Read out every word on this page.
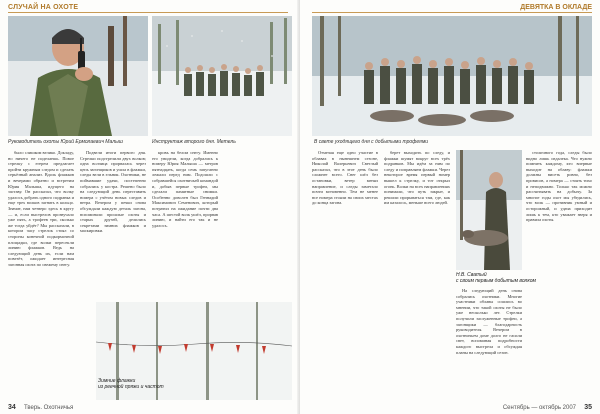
СЛУЧАЙ НА ОХОТЕ
Руководитель охоты Юрий Ермолаевич Малыш	Инструктаж второго дня. Метель

было слишком велико. Докладу, но ничего не поделаешь. Повое стрелку с егерем предлагает пройти кружным следом и сделать серьёзный анализ. Вдоль флажков и вечерами обратно и встретим Юрия Малыша, идущего на заставу. Он рассказал, что волку удалось добрать одного подранка и еще трех волков загнать в кольцо. Значит, нам четверо здесь в кругу — и, если выстрелов прозвучало уже пять, а трофеев три, сколько же тогда уйдёт? Мы рассказали, в котором часу стрелок стоял со стороны конечной подкормочной площадки, где волки пересекли линию флажков. Ведь на следующий день их, если нам повезёт, ожидает интересная загонная охота по свежему снегу.

Подвели итоги первого дня. Стрелки подстрелили двух волков; одна волчица прорвалась через цепь загонщиков и ушла в флажки, следы вели в ельник. Охотники, не поймавшие удачи, постепенно собрались у костра. Решено было на следующий день переставить номера с учётом новых следов и ветра. Вечером у печки снова обсуждали каждую деталь загона, вспоминали прошлые охоты и старых друзей, делились секретами зимних флажков и маскировки.

кровь на белом снегу. Именно его увидели, когда добрались к номеру Юрия Малыша — метров пятнадцать, когда семь запуганно лежали перед ним. Подошли с собравшейся охотничьей командой и, добыв первые трофеи, мы сделали памятные снимки. Особенно доволен был Геннадий Максимович Семенович, который потратил на ожидание почти два часа. А шестой волк ушёл, прорвав линию, и найти его так и не удалось.

Зимние флажки
из реечной пряжи и частот
34 Тверь. Охотничья
ДЕВЯТКА В ОКЛАДЕ
В свете уходящего дня с добытыми трофеями

Отмечая еще одно участие в облавах в нынешнем сезоне, Николай Валерьевич Светлый рассказал, что в этот день было сложнее всего. Снег шёл без остановки, ветер менял направление, и следы заметало почти мгновенно. Тем не менее все номера стояли на своих местах до конца загона.

берет выходить по следу, и флажки шумят вокруг всех трёх подранков. Мы идём за ним по следу и поправляем флажки. Через некоторое время первый номер вышел к стрелку, и тот открыл огонь. Волки на всех направлениях понимали, что путь закрыт, и решили прорываться там, где, как им казалось, меньше всего людей.

столичного года, следы было видно лишь издалека. Что нужно помнить каждому, кто впервые выходит на облаву: флажки должны висеть ровно, без провисов, а номера — стоять тихо и неподвижно. Только так можно рассчитывать на добычу. За многие годы охот мы убедились, что волк — противник умный и осторожный, и удача приходит лишь к тем, кто уважает зверя и правила охоты.

Н.В. Сватый
с своим первым добытым волком

На следующий день снова собрались охотники. Многие участники облавы сошлись во мнении, что такой охоты не было уже несколько лет. Стрелки получили заслуженные трофеи, а загонщики — благодарность руководителя. Вечером в охотничьем доме долго не гасили свет, вспоминая подробности каждого выстрела и обсуждая планы на следующий сезон.

Сентябрь — октябрь 2007 35
